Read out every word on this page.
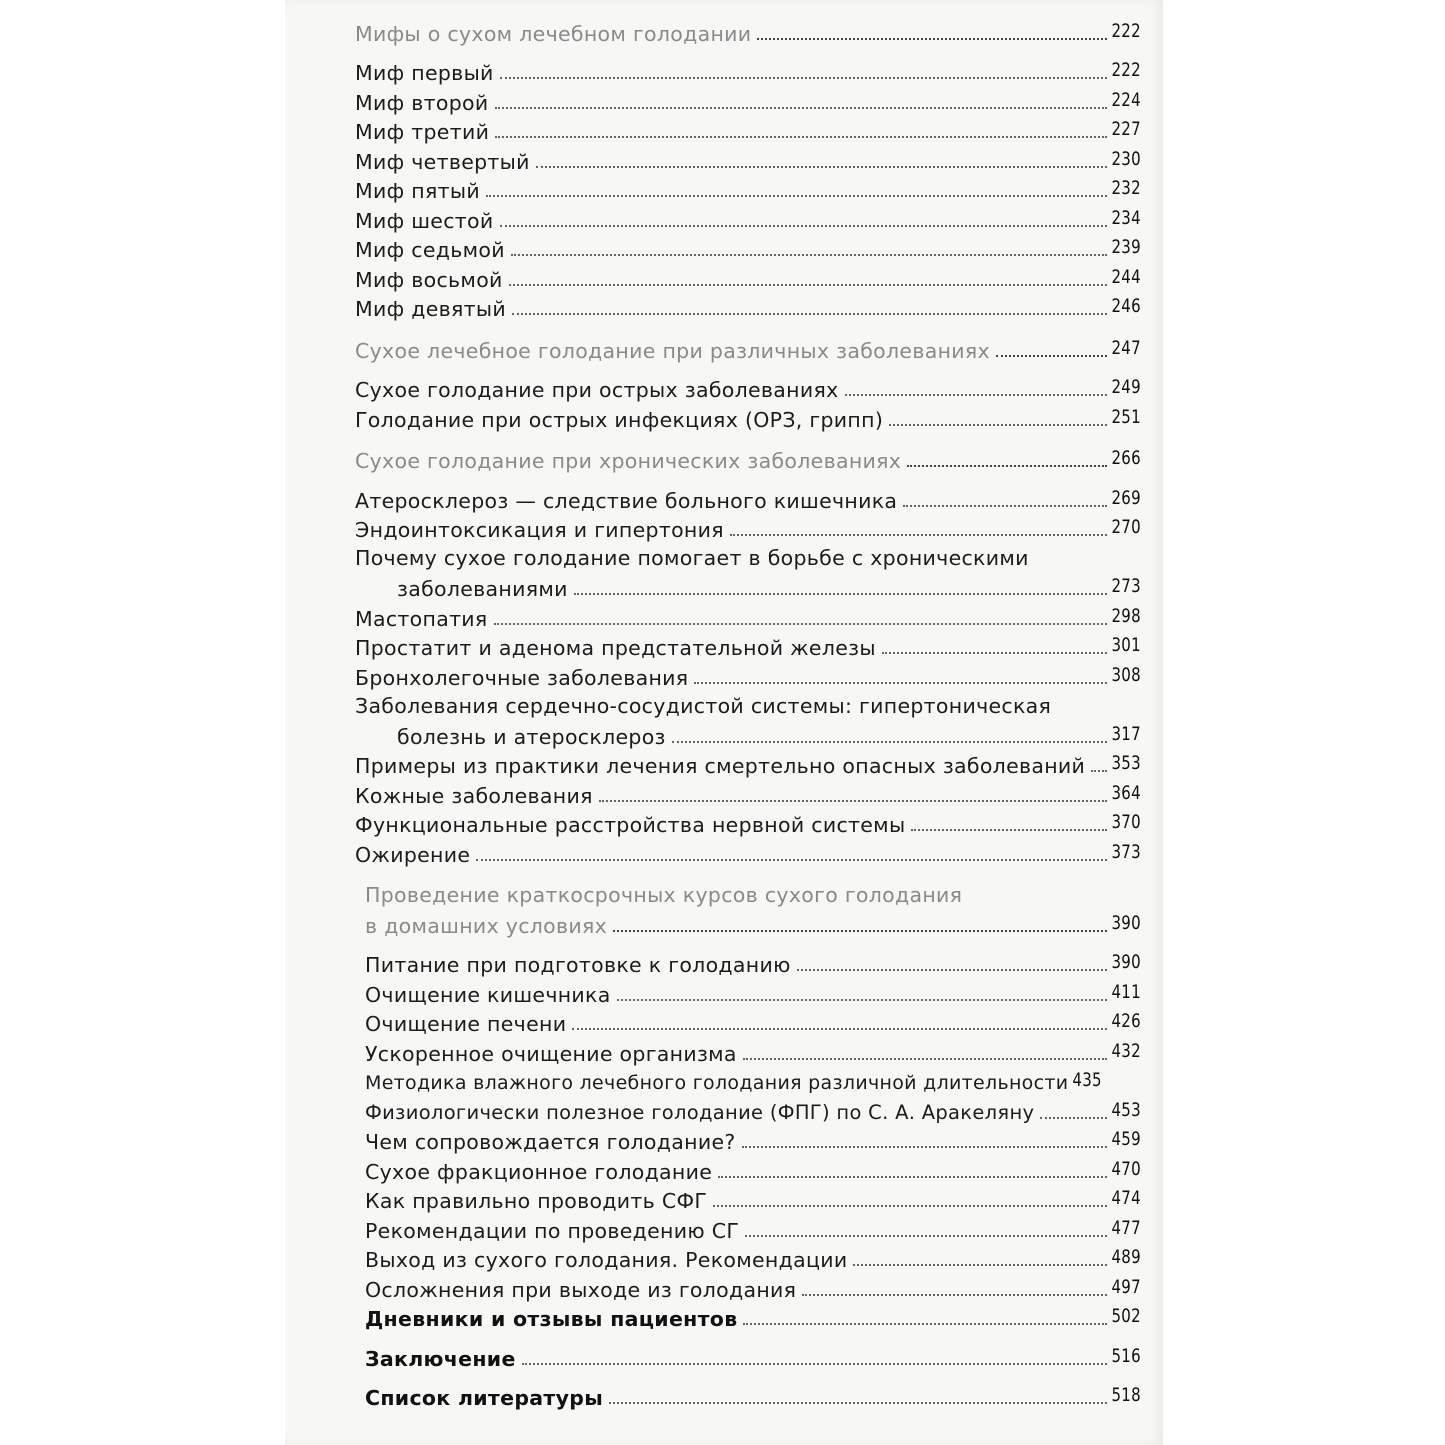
Мифы о сухом лечебном голодании	222
Миф первый	222
Миф второй	224
Миф третий	227
Миф четвертый	230
Миф пятый	232
Миф шестой	234
Миф седьмой	239
Миф восьмой	244
Миф девятый	246
Сухое лечебное голодание при различных заболеваниях	247
Сухое голодание при острых заболеваниях	249
Голодание при острых инфекциях (ОРЗ, грипп)	251
Сухое голодание при хронических заболеваниях	266
Атеросклероз — следствие больного кишечника	269
Эндоинтоксикация и гипертония	270
Почему сухое голодание помогает в борьбе с хроническими
заболеваниями	273
Мастопатия	298
Простатит и аденома предстательной железы	301
Бронхолегочные заболевания	308
Заболевания сердечно-сосудистой системы: гипертоническая
болезнь и атеросклероз	317
Примеры из практики лечения смертельно опасных заболеваний 353
Кожные заболевания	364
Функциональные расстройства нервной системы	370
Ожирение	373
Проведение краткосрочных курсов сухого голодания
в домашних условиях	390
Питание при подготовке к голоданию	390
Очищение кишечника	411
Очищение печени	426
Ускоренное очищение организма	432
Методика влажного лечебного голодания различной длительности 435
Физиологически полезное голодание (ФПГ) по С. А. Аракеляну	453
Чем сопровождается голодание?	459
Сухое фракционное голодание	470
Как правильно проводить СФГ	474
Рекомендации по проведению СГ	477
Выход из сухого голодания. Рекомендации	489
Осложнения при выходе из голодания	497
Дневники и отзывы пациентов	502
Заключение	516
Список литературы	518
